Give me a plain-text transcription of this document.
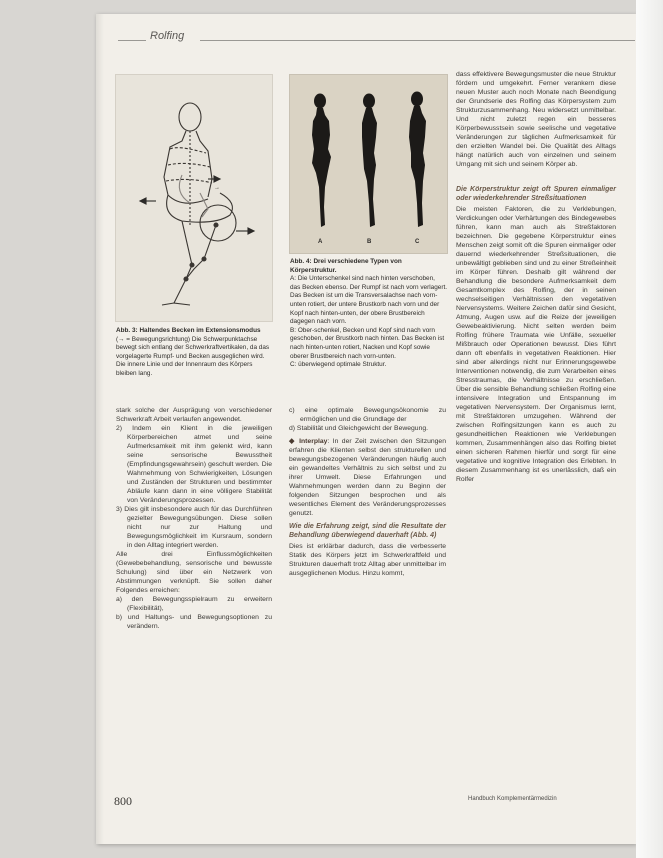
Rolfing
→

Abb. 3: Haltendes Becken im Extensionsmodus
(→ = Bewegungsrichtung) Die Schwerpunktachse bewegt sich entlang der Schwerkraftvertikalen, da das vorgelagerte Rumpf- und Becken ausgeglichen wird. Die innere Linie und der Innenraum des Körpers bleiben lang.

A	B	C

Abb. 4: Drei verschiedene Typen von Körperstruktur.
A: Die Unterschenkel sind nach hinten verschoben, das Becken ebenso. Der Rumpf ist nach vorn verlagert. Das Becken ist um die Transversalachse nach vorn-unten rotiert, der untere Brustkorb nach vorn und der Kopf nach hinten-unten, der obere Brustbereich dagegen nach vorn.
B: Ober-schenkel, Becken und Kopf sind nach vorn geschoben, der Brustkorb nach hinten. Das Becken ist nach hinten-unten rotiert, Nacken und Kopf sowie oberer Brustbereich nach vorn-unten.
C: überwiegend optimale Struktur.

stark solche der Ausprägung von verschiedener Schwerkraft Arbeit verlaufen angewendet.

2) Indem ein Klient in die jeweiligen Körperbereichen atmet und seine Aufmerksamkeit mit ihm gelenkt wird, kann seine sensorische Bewusstheit (Empfindungsgewahrsein) geschult werden. Die Wahrnehmung von Schwierigkeiten, Lösungen und Zuständen der Strukturen und bestimmter Abläufe kann dann in eine völligere Stabilität von Veränderungsprozessen.

3) Dies gilt insbesondere auch für das Durchführen gezielter Bewegungsübungen. Diese sollen nicht nur zur Haltung und Bewegungsmöglichkeit im Kursraum, sondern in den Alltag integriert werden.

Alle drei Einflussmöglichkeiten (Gewebebehandlung, sensorische und bewusste Schulung) sind über ein Netzwerk von Abstimmungen verknüpft. Sie sollen daher Folgendes erreichen:

a) den Bewegungsspielraum zu erweitern (Flexibilität),

b) und Haltungs- und Bewegungsoptionen zu verändern.

c) eine optimale Bewegungsökonomie zu ermöglichen und die Grundlage der

d) Stabilität und Gleichgewicht der Bewegung.

◆ Interplay: In der Zeit zwischen den Sitzungen erfahren die Klienten selbst den strukturellen und bewegungsbezogenen Veränderungen häufig auch ein gewandeltes Verhältnis zu sich selbst und zu ihrer Umwelt. Diese Erfahrungen und Wahrnehmungen werden dann zu Beginn der folgenden Sitzungen besprochen und als wesentliches Element des Veränderungsprozesses genutzt.

Wie die Erfahrung zeigt, sind die Resultate der Behandlung überwiegend dauerhaft (Abb. 4)

Dies ist erklärbar dadurch, dass die verbesserte Statik des Körpers jetzt im Schwerkraftfeld und Strukturen dauerhaft trotz Alltag aber unmittelbar im ausgeglichenen Modus. Hinzu kommt,

dass effektivere Bewegungsmuster die neue Struktur fördern und umgekehrt. Ferner verankern diese neuen Muster auch noch Monate nach Beendigung der Grundserie des Rolfing das Körpersystem zum Strukturzusammenhang. Neu widersetzt unmittelbar. Und nicht zuletzt regen ein besseres Körperbewusstsein sowie seelische und vegetative Veränderungen zur täglichen Aufmerksamkeit für den erzielten Wandel bei. Die Qualität des Alltags hängt natürlich auch von einzelnen und seinem Umgang mit sich und seinem Körper ab.

Die Körperstruktur zeigt oft Spuren einmaliger oder wiederkehrender Streßsituationen

Die meisten Faktoren, die zu Verklebungen, Verdickungen oder Verhärtungen des Bindegewebes führen, kann man auch als Streßfaktoren bezeichnen. Die gegebene Körperstruktur eines Menschen zeigt somit oft die Spuren einmaliger oder dauernd wiederkehrender Streßsituationen, die unbewältigt geblieben sind und zu einer Streßeinheit im Körper führen. Deshalb gilt während der Behandlung die besondere Aufmerksamkeit dem Gesamtkomplex des Rolfing, der in seinen wechselseitigen Verhältnissen den vegetativen Nervensystems. Weitere Zeichen dafür sind Gesicht, Atmung, Augen usw. auf die Reize der jeweiligen Gewebeaktivierung. Nicht selten werden beim Rolfing frühere Traumata wie Unfälle, sexueller Mißbrauch oder Operationen bewusst. Dies führt dann oft ebenfalls in vegetativen Reaktionen. Hier sind aber allerdings nicht nur Erinnerungsgewebe Interventionen notwendig, die zum Verarbeiten eines Stresstraumas, die Verhältnisse zu erschließen. Über die sensible Behandlung schließen Rolfing eine intensivere Integration und Entspannung im vegetativen Nervensystem. Der Organismus lernt, mit Streßfaktoren umzugehen. Während der zwischen Rolfingsitzungen kann es auch zu gesundheitlichen Reaktionen wie Verklebungen kommen, Zusammenhängen also das Rolfing bietet einen sicheren Rahmen hierfür und sorgt für eine vegetative und kognitive Integration des Erlebten. In diesem Zusammenhang ist es unerlässlich, daß ein Rolfer

800	Handbuch Komplementärmedizin
